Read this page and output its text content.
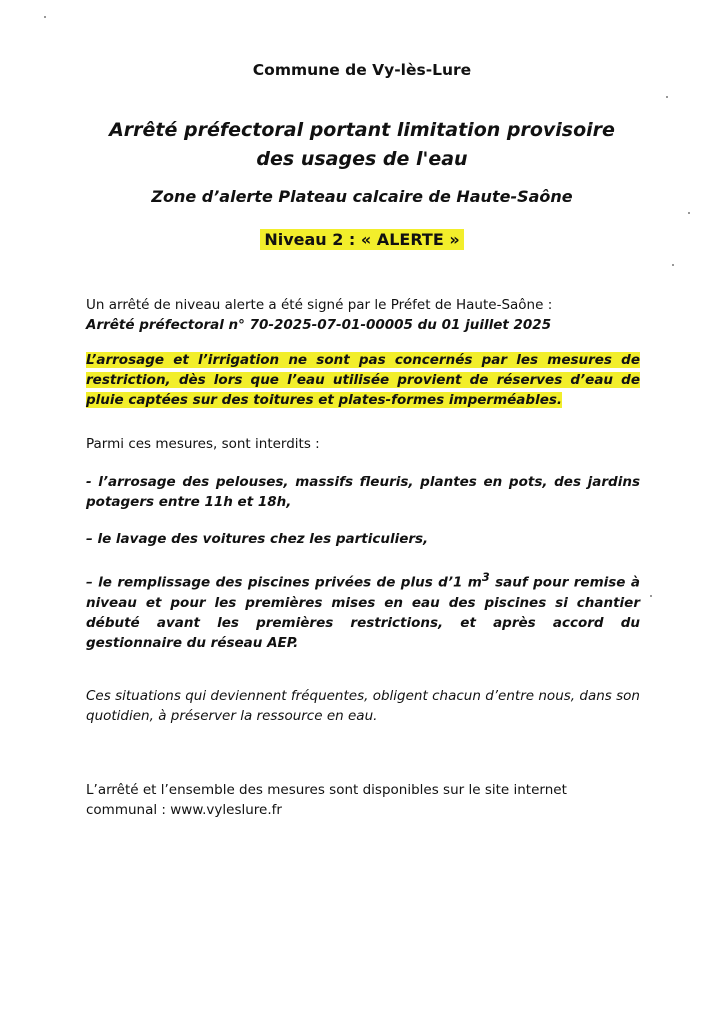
Commune de Vy-lès-Lure
Arrêté préfectoral portant limitation provisoire
des usages de l'eau
Zone d’alerte Plateau calcaire de Haute-Saône
Niveau 2 : « ALERTE »
Un arrêté de niveau alerte a été signé par le Préfet de Haute-Saône :
Arrêté préfectoral n° 70-2025-07-01-00005 du 01 juillet 2025
L’arrosage et l’irrigation ne sont pas concernés par les mesures de restriction, dès lors que l’eau utilisée provient de réserves d’eau de pluie captées sur des toitures et plates-formes imperméables.
Parmi ces mesures, sont interdits :
- l’arrosage des pelouses, massifs fleuris, plantes en pots, des jardins potagers entre 11h et 18h,
– le lavage des voitures chez les particuliers,
– le remplissage des piscines privées de plus d’1 $m^3$ sauf pour remise à niveau et pour les premières mises en eau des piscines si chantier débuté avant les premières restrictions, et après accord du gestionnaire du réseau AEP.
Ces situations qui deviennent fréquentes, obligent chacun d’entre nous, dans son quotidien, à préserver la ressource en eau.
L’arrêté et l’ensemble des mesures sont disponibles sur le site internet communal : www.vyleslure.fr
